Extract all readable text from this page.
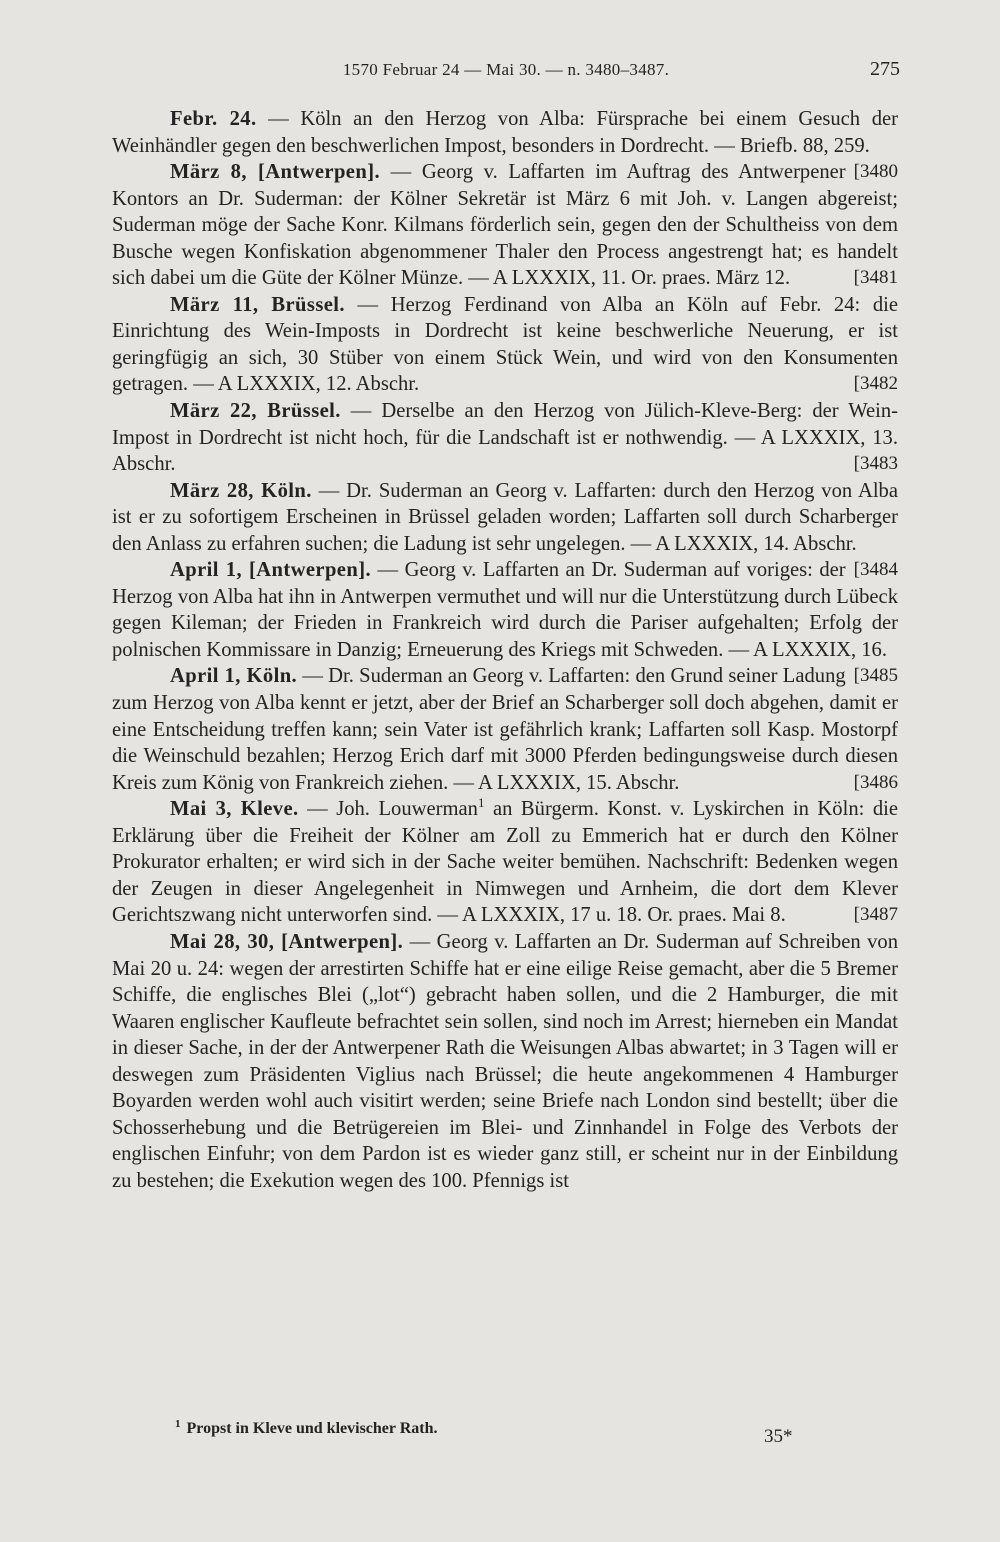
1570 Februar 24 — Mai 30. — n. 3480–3487.	275

Febr. 24. — Köln an den Herzog von Alba: Fürsprache bei einem Gesuch der Weinhändler gegen den beschwerlichen Impost, besonders in Dordrecht. — Briefb. 88, 259.
[3480

März 8, [Antwerpen]. — Georg v. Laffarten im Auftrag des Antwerpener Kontors an Dr. Suderman: der Kölner Sekretär ist März 6 mit Joh. v. Langen abgereist; Suderman möge der Sache Konr. Kilmans förderlich sein, gegen den der Schultheiss von dem Busche wegen Konfiskation abgenommener Thaler den Process angestrengt hat; es handelt sich dabei um die Güte der Kölner Münze. — A LXXXIX, 11. Or. praes. März 12.	[3481

März 11, Brüssel. — Herzog Ferdinand von Alba an Köln auf Febr. 24: die Einrichtung des Wein-Imposts in Dordrecht ist keine beschwerliche Neuerung, er ist geringfügig an sich, 30 Stüber von einem Stück Wein, und wird von den Konsumenten getragen. — A LXXXIX, 12. Abschr.	[3482

März 22, Brüssel. — Derselbe an den Herzog von Jülich-Kleve-Berg: der Wein-Impost in Dordrecht ist nicht hoch, für die Landschaft ist er nothwendig. — A LXXXIX, 13. Abschr.	[3483

März 28, Köln. — Dr. Suderman an Georg v. Laffarten: durch den Herzog von Alba ist er zu sofortigem Erscheinen in Brüssel geladen worden; Laffarten soll durch Scharberger den Anlass zu erfahren suchen; die Ladung ist sehr ungelegen. — A LXXXIX, 14. Abschr.
[3484

April 1, [Antwerpen]. — Georg v. Laffarten an Dr. Suderman auf voriges: der Herzog von Alba hat ihn in Antwerpen vermuthet und will nur die Unterstützung durch Lübeck gegen Kileman; der Frieden in Frankreich wird durch die Pariser aufgehalten; Erfolg der polnischen Kommissare in Danzig; Erneuerung des Kriegs mit Schweden. — A LXXXIX, 16.
[3485

April 1, Köln. — Dr. Suderman an Georg v. Laffarten: den Grund seiner Ladung zum Herzog von Alba kennt er jetzt, aber der Brief an Scharberger soll doch abgehen, damit er eine Entscheidung treffen kann; sein Vater ist gefährlich krank; Laffarten soll Kasp. Mostorpf die Weinschuld bezahlen; Herzog Erich darf mit 3000 Pferden bedingungsweise durch diesen Kreis zum König von Frankreich ziehen. — A LXXXIX, 15. Abschr.	[3486

Mai 3, Kleve. — Joh. Louwerman$^1$ an Bürgerm. Konst. v. Lyskirchen in Köln: die Erklärung über die Freiheit der Kölner am Zoll zu Emmerich hat er durch den Kölner Prokurator erhalten; er wird sich in der Sache weiter bemühen. Nachschrift: Bedenken wegen der Zeugen in dieser Angelegenheit in Nimwegen und Arnheim, die dort dem Klever Gerichtszwang nicht unterworfen sind. — A LXXXIX, 17 u. 18. Or. praes. Mai 8.	[3487

Mai 28, 30, [Antwerpen]. — Georg v. Laffarten an Dr. Suderman auf Schreiben von Mai 20 u. 24: wegen der arrestirten Schiffe hat er eine eilige Reise gemacht, aber die 5 Bremer Schiffe, die englisches Blei („lot“) gebracht haben sollen, und die 2 Hamburger, die mit Waaren englischer Kaufleute befrachtet sein sollen, sind noch im Arrest; hierneben ein Mandat in dieser Sache, in der der Antwerpener Rath die Weisungen Albas abwartet; in 3 Tagen will er deswegen zum Präsidenten Viglius nach Brüssel; die heute angekommenen 4 Hamburger Boyarden werden wohl auch visitirt werden; seine Briefe nach London sind bestellt; über die Schosserhebung und die Betrügereien im Blei- und Zinnhandel in Folge des Verbots der englischen Einfuhr; von dem Pardon ist es wieder ganz still, er scheint nur in der Einbildung zu bestehen; die Exekution wegen des 100. Pfennigs ist

$^1$ Propst in Kleve und klevischer Rath.	35*
